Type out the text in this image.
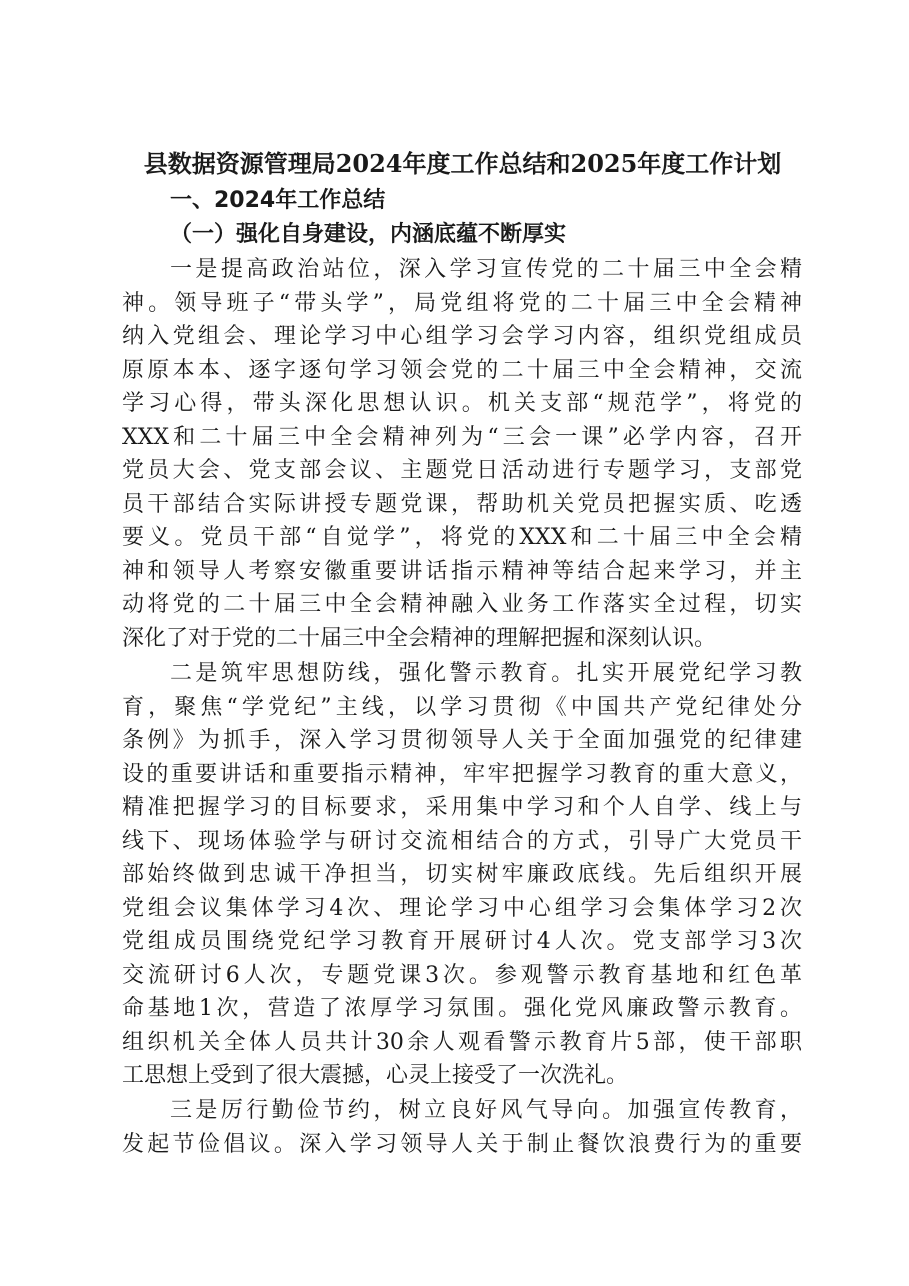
县数据资源管理局2024年度工作总结和2025年度工作计划
一、2024年工作总结
（一）强化自身建设，内涵底蕴不断厚实
一是提高政治站位，深入学习宣传党的二十届三中全会精
神。领导班子“带头学”，局党组将党的二十届三中全会精神
纳入党组会、理论学习中心组学习会学习内容，组织党组成员
原原本本、逐字逐句学习领会党的二十届三中全会精神，交流
学习心得，带头深化思想认识。机关支部“规范学”，将党的
XXX和二十届三中全会精神列为“三会一课”必学内容，召开
党员大会、党支部会议、主题党日活动进行专题学习，支部党
员干部结合实际讲授专题党课，帮助机关党员把握实质、吃透
要义。党员干部“自觉学”，将党的XXX和二十届三中全会精
神和领导人考察安徽重要讲话指示精神等结合起来学习，并主
动将党的二十届三中全会精神融入业务工作落实全过程，切实
深化了对于党的二十届三中全会精神的理解把握和深刻认识。
二是筑牢思想防线，强化警示教育。扎实开展党纪学习教
育，聚焦“学党纪”主线，以学习贯彻《中国共产党纪律处分
条例》为抓手，深入学习贯彻领导人关于全面加强党的纪律建
设的重要讲话和重要指示精神，牢牢把握学习教育的重大意义，
精准把握学习的目标要求，采用集中学习和个人自学、线上与
线下、现场体验学与研讨交流相结合的方式，引导广大党员干
部始终做到忠诚干净担当，切实树牢廉政底线。先后组织开展
党组会议集体学习4次、理论学习中心组学习会集体学习2次
党组成员围绕党纪学习教育开展研讨4人次。党支部学习3次
交流研讨6人次，专题党课3次。参观警示教育基地和红色革
命基地1次，营造了浓厚学习氛围。强化党风廉政警示教育。
组织机关全体人员共计30余人观看警示教育片5部，使干部职
工思想上受到了很大震撼，心灵上接受了一次洗礼。
三是厉行勤俭节约，树立良好风气导向。加强宣传教育，
发起节俭倡议。深入学习领导人关于制止餐饮浪费行为的重要
